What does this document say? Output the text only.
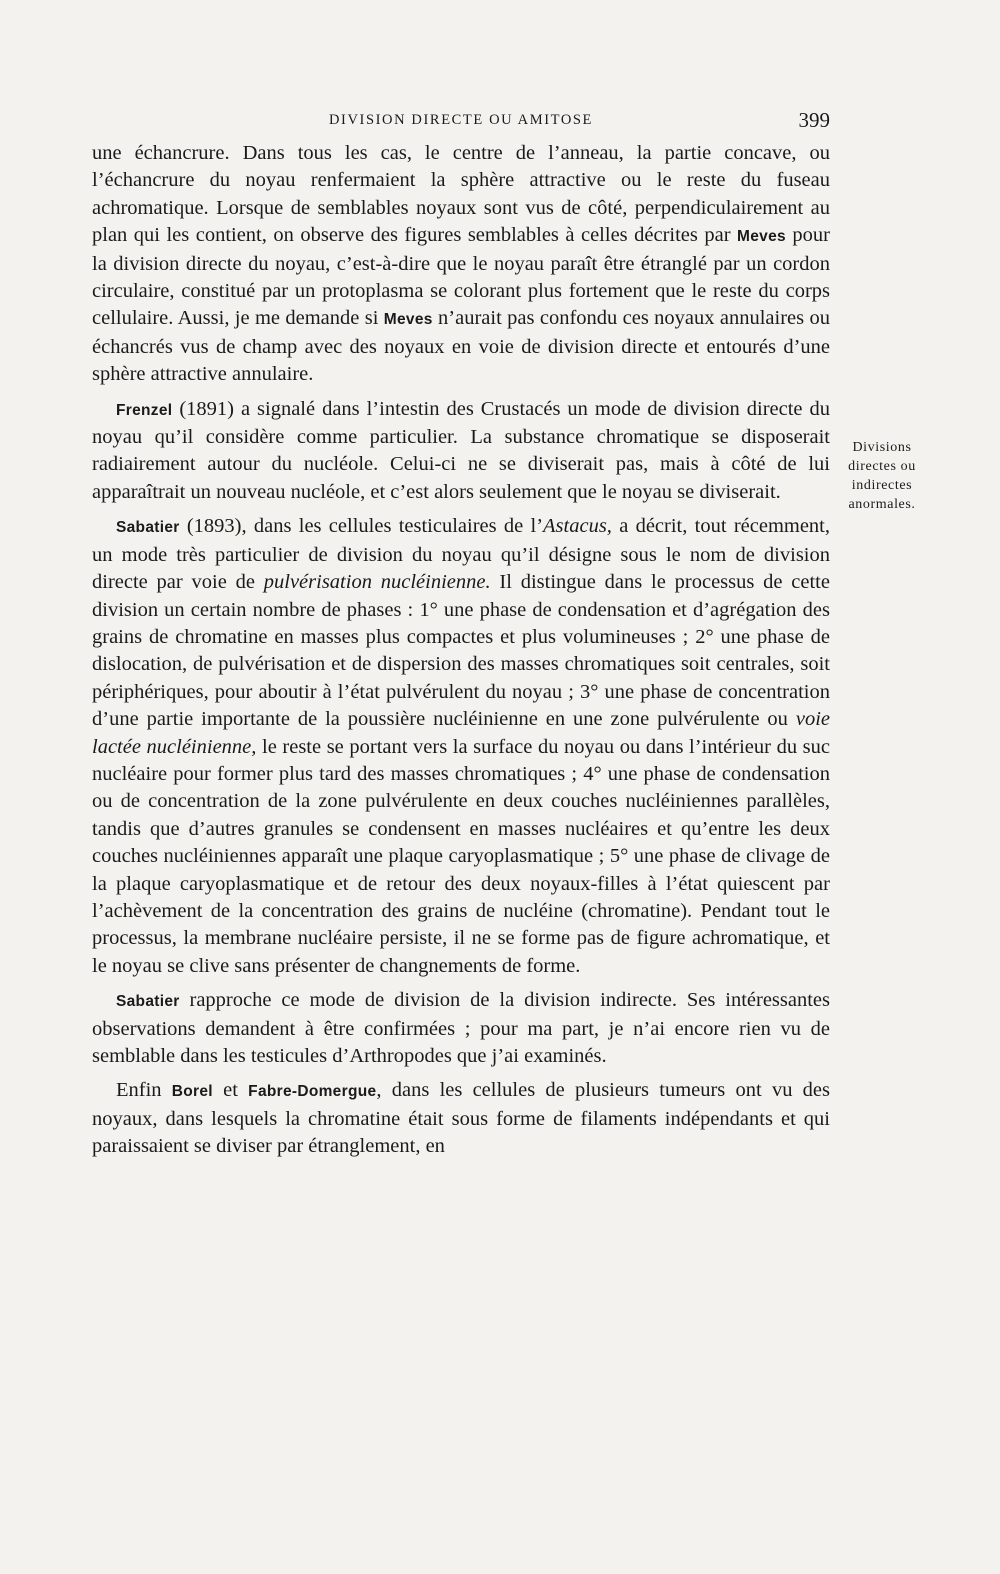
DIVISION DIRECTE OU AMITOSE	399

une échancrure. Dans tous les cas, le centre de l’anneau, la partie concave, ou l’échancrure du noyau renfermaient la sphère attractive ou le reste du fuseau achromatique. Lorsque de semblables noyaux sont vus de côté, perpendiculairement au plan qui les contient, on observe des figures semblables à celles décrites par Meves pour la division directe du noyau, c’est-à-dire que le noyau paraît être étranglé par un cordon circulaire, constitué par un protoplasma se colorant plus fortement que le reste du corps cellulaire. Aussi, je me demande si Meves n’aurait pas confondu ces noyaux annulaires ou échancrés vus de champ avec des noyaux en voie de division directe et entourés d’une sphère attractive annulaire.

Frenzel (1891) a signalé dans l’intestin des Crustacés un mode de division directe du noyau qu’il considère comme particulier. La substance chromatique se disposerait radiairement autour du nucléole. Celui-ci ne se diviserait pas, mais à côté de lui apparaîtrait un nouveau nucléole, et c’est alors seulement que le noyau se diviserait.

Sabatier (1893), dans les cellules testiculaires de l’Astacus, a décrit, tout récemment, un mode très particulier de division du noyau qu’il désigne sous le nom de division directe par voie de pulvérisation nucléinienne. Il distingue dans le processus de cette division un certain nombre de phases : 1° une phase de condensation et d’agrégation des grains de chromatine en masses plus compactes et plus volumineuses ; 2° une phase de dislocation, de pulvérisation et de dispersion des masses chromatiques soit centrales, soit périphériques, pour aboutir à l’état pulvérulent du noyau ; 3° une phase de concentration d’une partie importante de la poussière nucléinienne en une zone pulvérulente ou voie lactée nucléinienne, le reste se portant vers la surface du noyau ou dans l’intérieur du suc nucléaire pour former plus tard des masses chromatiques ; 4° une phase de condensation ou de concentration de la zone pulvérulente en deux couches nucléiniennes parallèles, tandis que d’autres granules se condensent en masses nucléaires et qu’entre les deux couches nucléiniennes apparaît une plaque caryoplasmatique ; 5° une phase de clivage de la plaque caryoplasmatique et de retour des deux noyaux-filles à l’état quiescent par l’achèvement de la concentration des grains de nucléine (chromatine). Pendant tout le processus, la membrane nucléaire persiste, il ne se forme pas de figure achromatique, et le noyau se clive sans présenter de changnements de forme.

Sabatier rapproche ce mode de division de la division indirecte. Ses intéressantes observations demandent à être confirmées ; pour ma part, je n’ai encore rien vu de semblable dans les testicules d’Arthropodes que j’ai examinés.

Enfin Borel et Fabre-Domergue, dans les cellules de plusieurs tumeurs ont vu des noyaux, dans lesquels la chromatine était sous forme de filaments indépendants et qui paraissaient se diviser par étranglement, en

Divisions
directes ou
indirectes
anormales.
